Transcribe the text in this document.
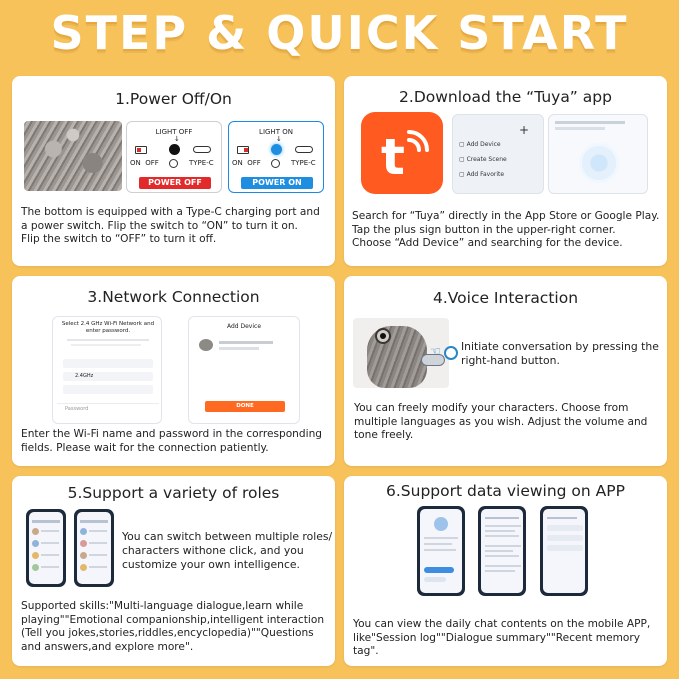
STEP & QUICK START
1.Power Off/On
LIGHT OFF
↓
ON OFF	TYPE-C
POWER OFF
LIGHT ON
↓
ON OFF	TYPE-C
POWER ON

The bottom is equipped with a Type-C charging port and
a power switch. Flip the switch to “ON” to turn it on.
Flip the switch to “OFF” to turn it off.

2.Download the “Tuya” app
t	+
▢ Add Device
▢ Create Scene
▢ Add Favorite

Search for “Tuya” directly in the App Store or Google Play.
Tap the plus sign button in the upper-right corner.
Choose “Add Device” and searching for the device.

3.Network Connection
Select 2.4 GHz Wi-Fi Network and enter password.
2.4GHz
Password
Add Device
DONE

Enter the Wi-Fi name and password in the corresponding
fields. Please wait for the connection patiently.

4.Voice Interaction
☜	Initiate conversation by pressing the
right-hand button.

You can freely modify your characters. Choose from
multiple languages as you wish. Adjust the volume and
tone freely.

5.Support a variety of roles

You can switch between multiple roles/
characters withone click, and you
customize your own intelligence.

Supported skills:"Multi-language dialogue,learn while
playing""Emotional companionship,intelligent interaction
(Tell you jokes,stories,riddles,encyclopedia)""Questions
and answers,and explore more".

6.Support data viewing on APP

You can view the daily chat contents on the mobile APP,
like"Session log""Dialogue summary""Recent memory tag".
